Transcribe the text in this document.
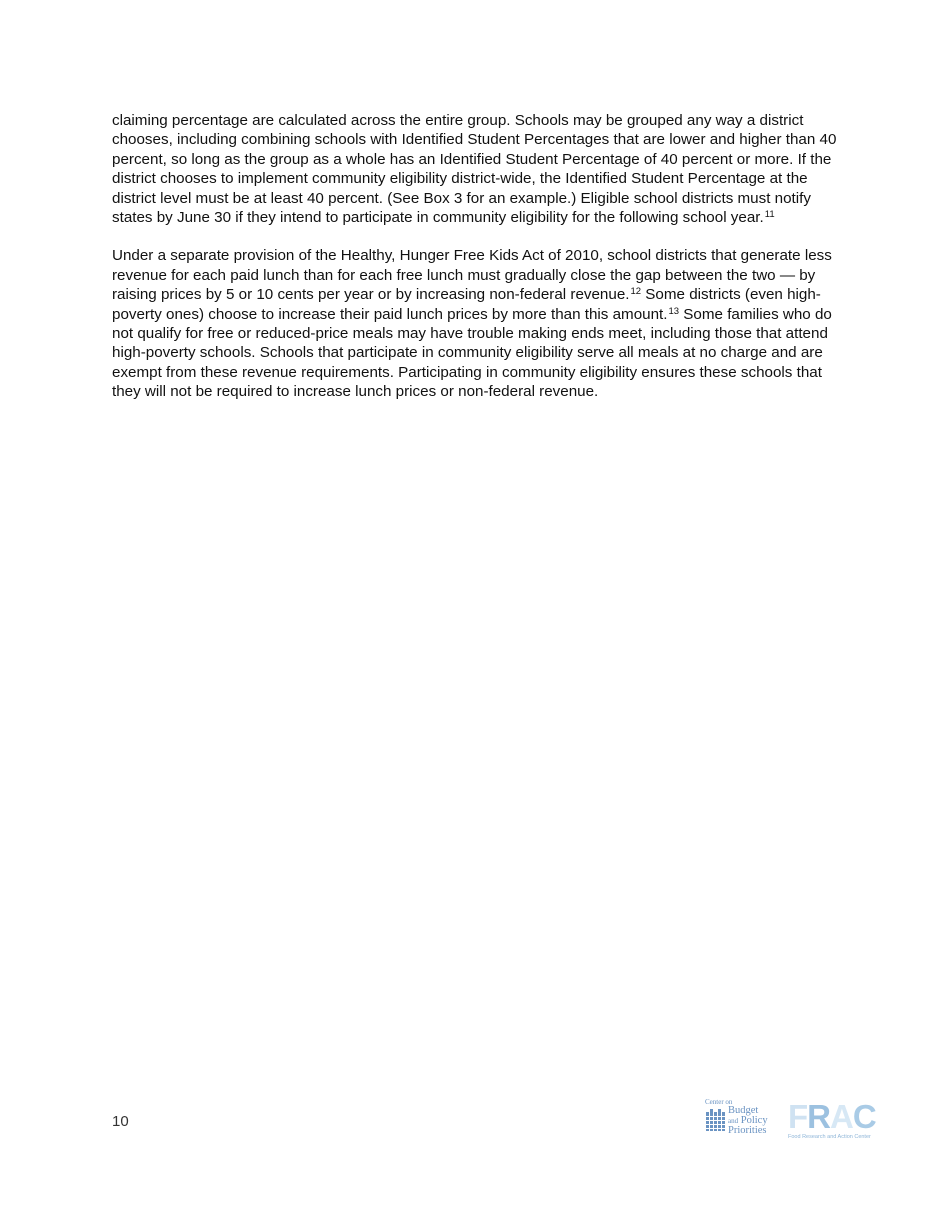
claiming percentage are calculated across the entire group. Schools may be grouped any way a district chooses, including combining schools with Identified Student Percentages that are lower and higher than 40 percent, so long as the group as a whole has an Identified Student Percentage of 40 percent or more. If the district chooses to implement community eligibility district-wide, the Identified Student Percentage at the district level must be at least 40 percent. (See Box 3 for an example.) Eligible school districts must notify states by June 30 if they intend to participate in community eligibility for the following school year.$^{11}$

Under a separate provision of the Healthy, Hunger Free Kids Act of 2010, school districts that generate less revenue for each paid lunch than for each free lunch must gradually close the gap between the two — by raising prices by 5 or 10 cents per year or by increasing non-federal revenue.$^{12}$ Some districts (even high-poverty ones) choose to increase their paid lunch prices by more than this amount.$^{13}$ Some families who do not qualify for free or reduced-price meals may have trouble making ends meet, including those that attend high-poverty schools. Schools that participate in community eligibility serve all meals at no charge and are exempt from these revenue requirements. Participating in community eligibility ensures these schools that they will not be required to increase lunch prices or non-federal revenue.

10
Center on
Budget
and Policy
Priorities FRAC
Food Research and Action Center
